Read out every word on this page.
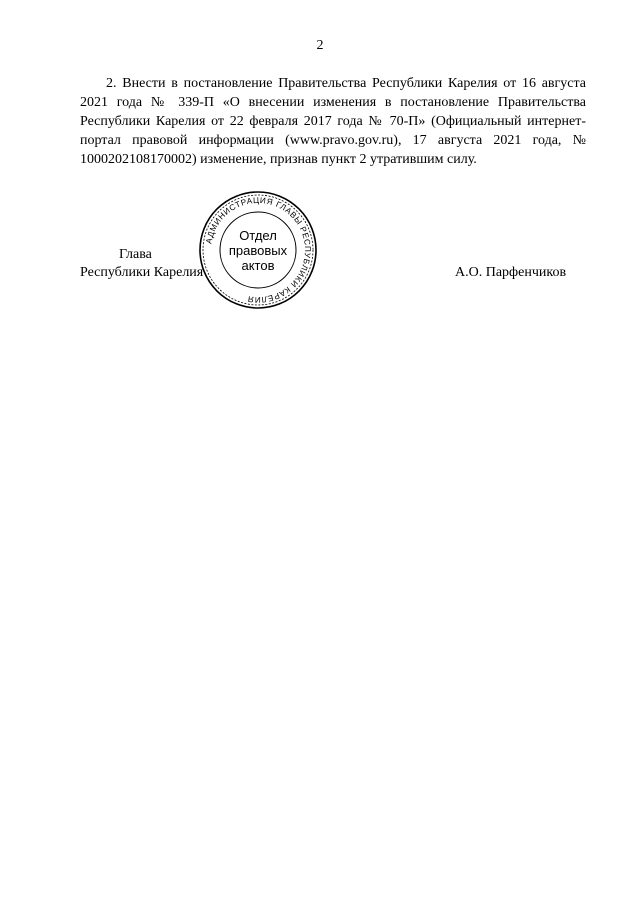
2

2. Внести в постановление Правительства Республики Карелия от 16 августа 2021 года № 339-П «О внесении изменения в постановление Правительства Республики Карелия от 22 февраля 2017 года № 70-П» (Официальный интернет-портал правовой информации (www.pravo.gov.ru), 17 августа 2021 года, № 1000202108170002) изменение, признав пункт 2 утратившим силу.

Глава
Республики Карелия	А.О. Парфенчиков
АДМИНИСТРАЦИЯ ГЛАВЫ РЕСПУБЛИКИ КАРЕЛИЯ
Отдел
правовых
актов
